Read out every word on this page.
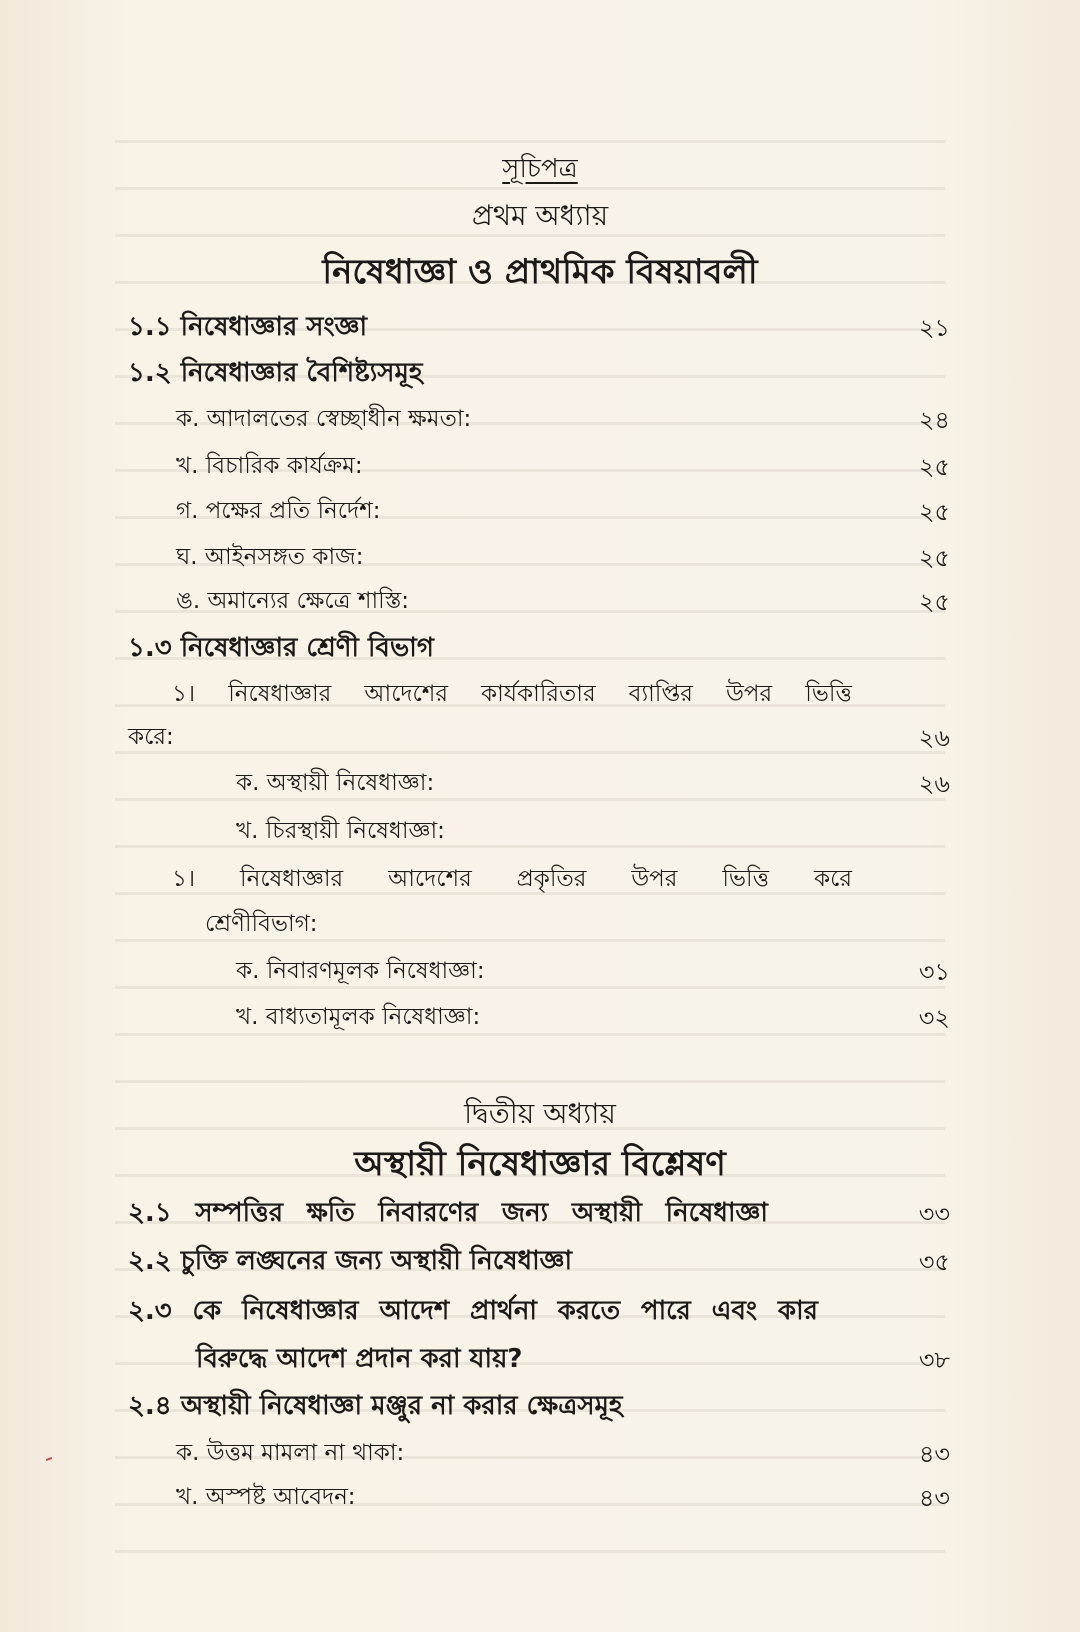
সূচিপত্র
প্রথম অধ্যায়
নিষেধাজ্ঞা ও প্রাথমিক বিষয়াবলী
১.১ নিষেধাজ্ঞার সংজ্ঞা	২১
১.২ নিষেধাজ্ঞার বৈশিষ্ট্যসমূহ
ক. আদালতের স্বেচ্ছাধীন ক্ষমতা:	২৪
খ. বিচারিক কার্যক্রম:	২৫
গ. পক্ষের প্রতি নির্দেশ:	২৫
ঘ. আইনসঙ্গত কাজ:	২৫
ঙ. অমান্যের ক্ষেত্রে শাস্তি:	২৫
১.৩ নিষেধাজ্ঞার শ্রেণী বিভাগ
১। নিষেধাজ্ঞার আদেশের কার্যকারিতার ব্যাপ্তির উপর ভিত্তি
করে:	২৬
ক. অস্থায়ী নিষেধাজ্ঞা:	২৬
খ. চিরস্থায়ী নিষেধাজ্ঞা:
১। নিষেধাজ্ঞার আদেশের প্রকৃতির উপর ভিত্তি করে
শ্রেণীবিভাগ:
ক. নিবারণমূলক নিষেধাজ্ঞা:	৩১
খ. বাধ্যতামূলক নিষেধাজ্ঞা:	৩২
দ্বিতীয় অধ্যায়
অস্থায়ী নিষেধাজ্ঞার বিশ্লেষণ
২.১ সম্পত্তির ক্ষতি নিবারণের জন্য অস্থায়ী নিষেধাজ্ঞা	৩৩
২.২ চুক্তি লঙ্ঘনের জন্য অস্থায়ী নিষেধাজ্ঞা	৩৫
২.৩ কে নিষেধাজ্ঞার আদেশ প্রার্থনা করতে পারে এবং কার
বিরুদ্ধে আদেশ প্রদান করা যায়?	৩৮
২.৪ অস্থায়ী নিষেধাজ্ঞা মঞ্জুর না করার ক্ষেত্রসমূহ
ক. উত্তম মামলা না থাকা:	৪৩
খ. অস্পষ্ট আবেদন:	৪৩
